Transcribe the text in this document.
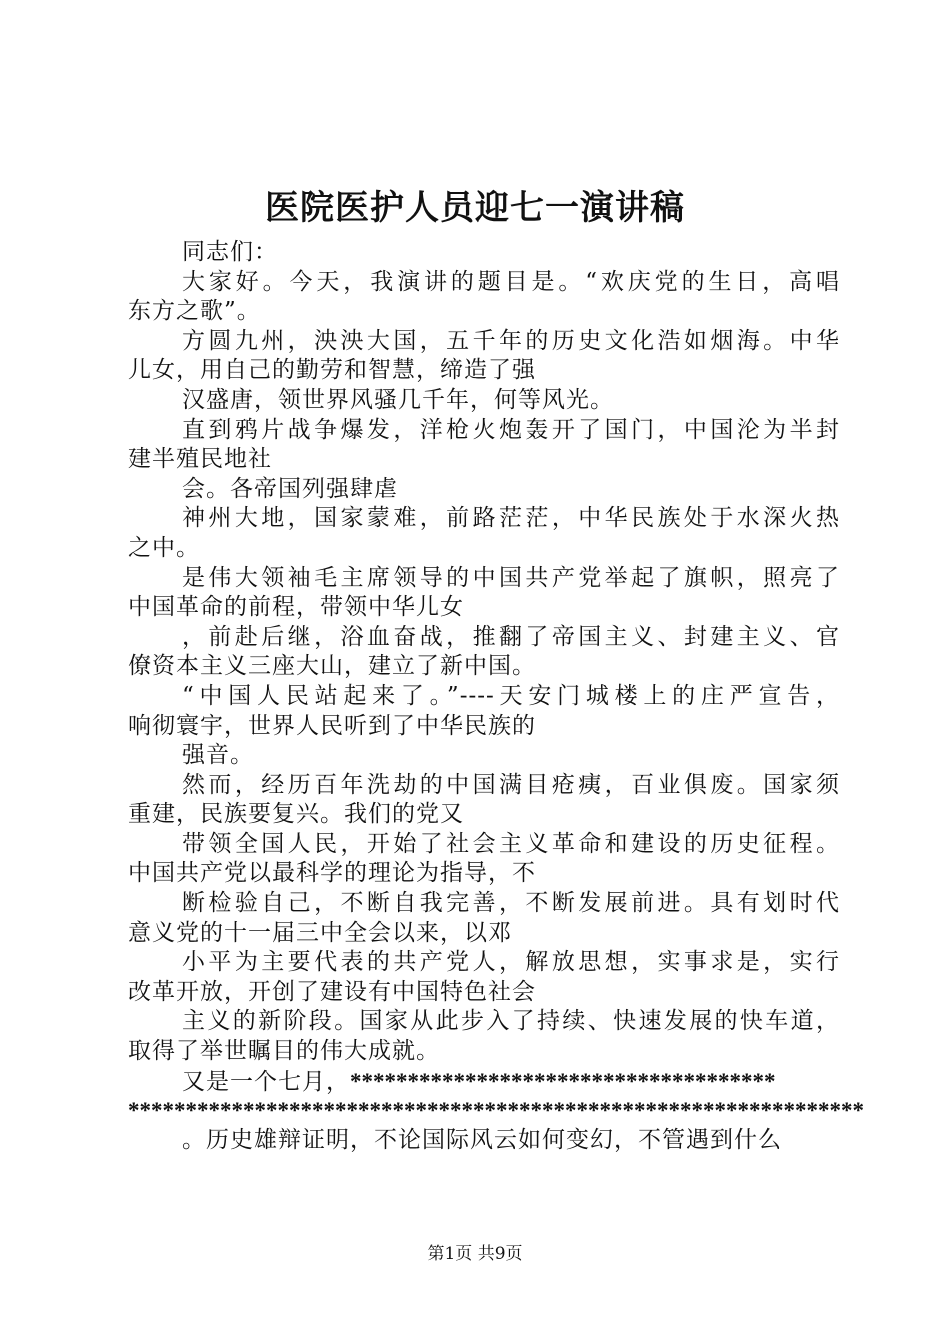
医院医护人员迎七一演讲稿
同志们：
大家好。今天，我演讲的题目是。“欢庆党的生日，高唱
东方之歌”。
方圆九州，泱泱大国，五千年的历史文化浩如烟海。中华
儿女，用自己的勤劳和智慧，缔造了强
汉盛唐，领世界风骚几千年，何等风光。
直到鸦片战争爆发，洋枪火炮轰开了国门，中国沦为半封
建半殖民地社
会。各帝国列强肆虐
神州大地，国家蒙难，前路茫茫，中华民族处于水深火热
之中。
是伟大领袖毛主席领导的中国共产党举起了旗帜，照亮了
中国革命的前程，带领中华儿女
，前赴后继，浴血奋战，推翻了帝国主义、封建主义、官
僚资本主义三座大山，建立了新中国。
“中国人民站起来了。”----天安门城楼上的庄严宣告，
响彻寰宇，世界人民听到了中华民族的
强音。
然而，经历百年洗劫的中国满目疮痍，百业俱废。国家须
重建，民族要复兴。我们的党又
带领全国人民，开始了社会主义革命和建设的历史征程。
中国共产党以最科学的理论为指导，不
断检验自己，不断自我完善，不断发展前进。具有划时代
意义党的十一届三中全会以来，以邓
小平为主要代表的共产党人，解放思想，实事求是，实行
改革开放，开创了建设有中国特色社会
主义的新阶段。国家从此步入了持续、快速发展的快车道，
取得了举世瞩目的伟大成就。
又是一个七月，*************************************
****************************************************************
。历史雄辩证明，不论国际风云如何变幻，不管遇到什么
第1页 共9页
